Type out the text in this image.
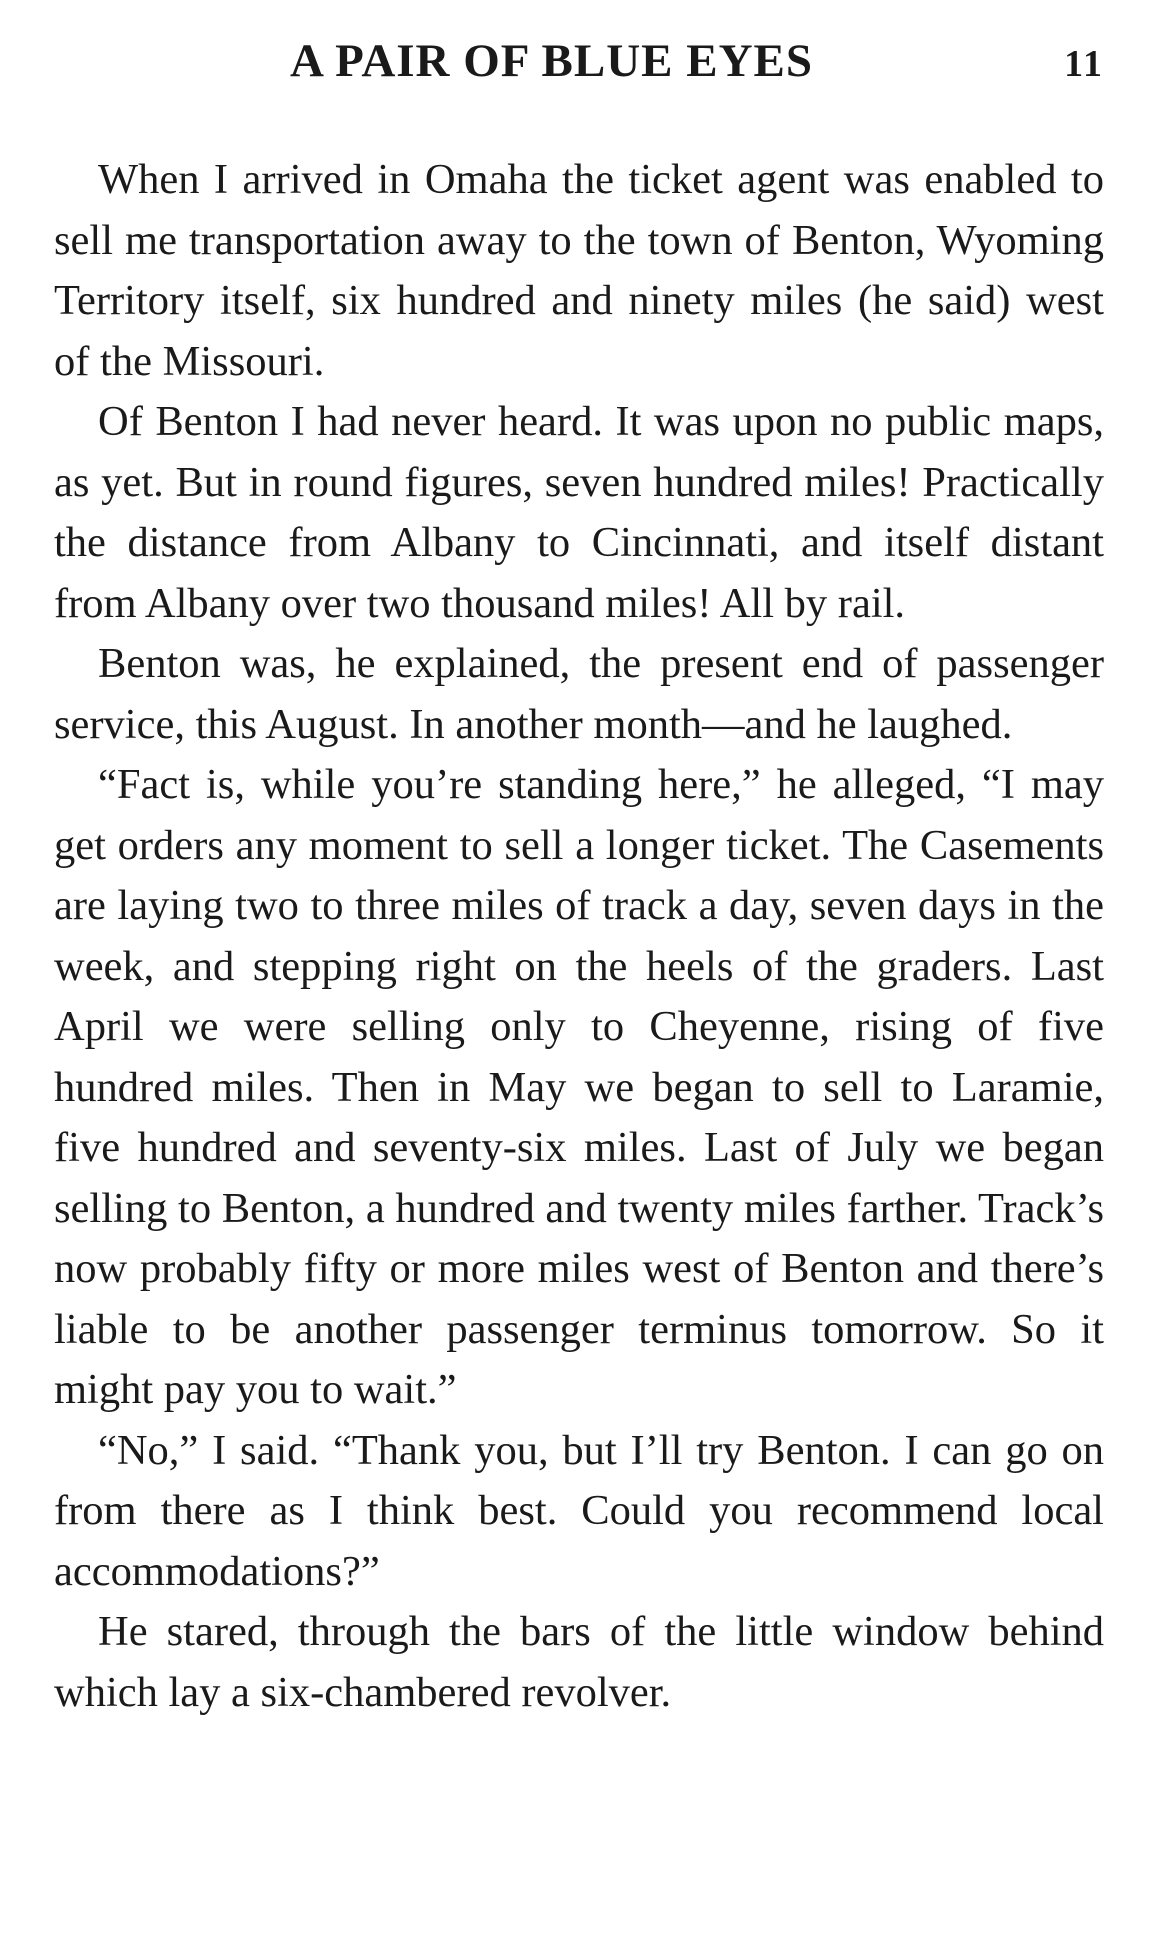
A PAIR OF BLUE EYES	11

When I arrived in Omaha the ticket agent was enabled to sell me transportation away to the town of Benton, Wyoming Territory itself, six hundred and ninety miles (he said) west of the Missouri.

Of Benton I had never heard. It was upon no public maps, as yet. But in round figures, seven hundred miles! Practically the distance from Albany to Cincinnati, and itself distant from Albany over two thousand miles! All by rail.

Benton was, he explained, the present end of passenger service, this August. In another month—and he laughed.

“Fact is, while you’re standing here,” he alleged, “I may get orders any moment to sell a longer ticket. The Casements are laying two to three miles of track a day, seven days in the week, and stepping right on the heels of the graders. Last April we were selling only to Cheyenne, rising of five hundred miles. Then in May we began to sell to Laramie, five hundred and seventy-six miles. Last of July we began selling to Benton, a hundred and twenty miles farther. Track’s now probably fifty or more miles west of Benton and there’s liable to be another passenger terminus tomorrow. So it might pay you to wait.”

“No,” I said. “Thank you, but I’ll try Benton. I can go on from there as I think best. Could you recommend local accommodations?”

He stared, through the bars of the little window behind which lay a six-chambered revolver.
